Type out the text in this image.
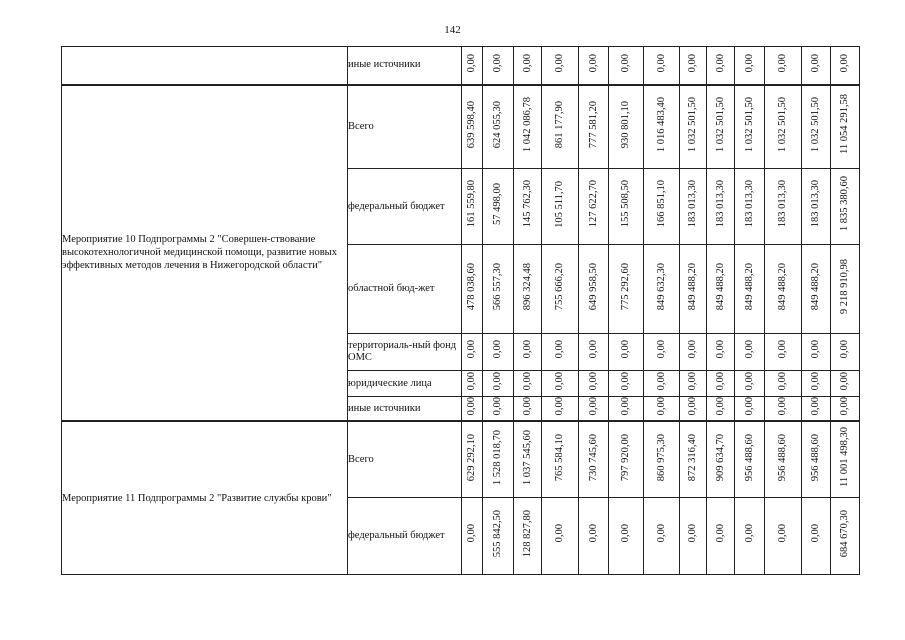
142
	иные источники	0,00	0,00	0,00	0,00	0,00	0,00	0,00	0,00	0,00	0,00	0,00	0,00	0,00
Мероприятие 10 Подпрограммы 2 "Совершен-ствование высокотехнологичной медицинской помощи, развитие новых эффективных методов лечения в Нижегородской области"	Всего	639 598,40	624 055,30	1 042 086,78	861 177,90	777 581,20	930 801,10	1 016 483,40	1 032 501,50	1 032 501,50	1 032 501,50	1 032 501,50	1 032 501,50	11 054 291,58
	федеральный бюджет	161 559,80	57 498,00	145 762,30	105 511,70	127 622,70	155 508,50	166 851,10	183 013,30	183 013,30	183 013,30	183 013,30	183 013,30	1 835 380,60
	областной бюд-жет	478 038,60	566 557,30	896 324,48	755 666,20	649 958,50	775 292,60	849 632,30	849 488,20	849 488,20	849 488,20	849 488,20	849 488,20	9 218 910,98
	территориаль-ный фонд ОМС	0,00	0,00	0,00	0,00	0,00	0,00	0,00	0,00	0,00	0,00	0,00	0,00	0,00
	юридические лица	0,00	0,00	0,00	0,00	0,00	0,00	0,00	0,00	0,00	0,00	0,00	0,00	0,00
	иные источники	0,00	0,00	0,00	0,00	0,00	0,00	0,00	0,00	0,00	0,00	0,00	0,00	0,00
Мероприятие 11 Подпрограммы 2 "Развитие службы крови"	Всего	629 292,10	1 528 018,70	1 037 545,60	765 584,10	730 745,60	797 920,00	860 975,30	872 316,40	909 634,70	956 488,60	956 488,60	956 488,60	11 001 498,30
	федеральный бюджет	0,00	555 842,50	128 827,80	0,00	0,00	0,00	0,00	0,00	0,00	0,00	0,00	0,00	684 670,30
